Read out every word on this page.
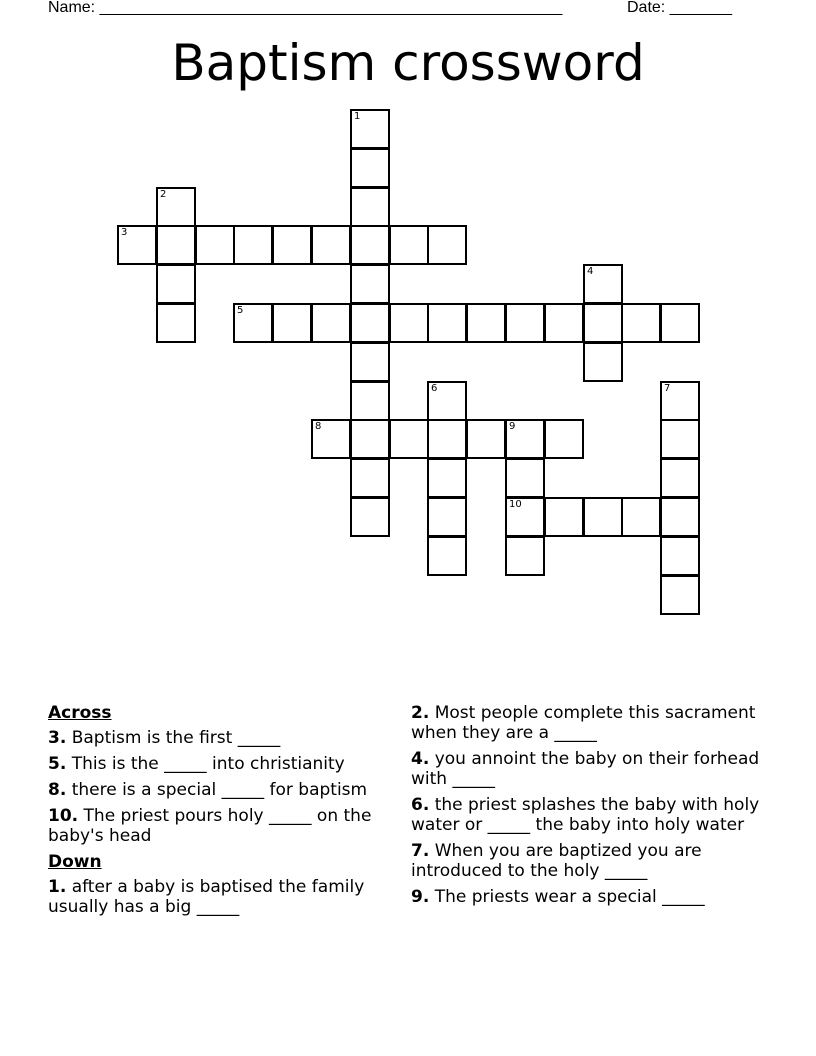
Name: ____________________________________________________	Date: _______
Baptism crossword
1
2
3
4
5
6	7
8	9
10
Across
3. Baptism is the first _____
5. This is the _____ into christianity
8. there is a special _____ for baptism
10. The priest pours holy _____ on the baby's head
Down
1. after a baby is baptised the family usually has a big _____
2. Most people complete this sacrament when they are a _____
4. you annoint the baby on their forhead with _____
6. the priest splashes the baby with holy water or _____ the baby into holy water
7. When you are baptized you are introduced to the holy _____
9. The priests wear a special _____
